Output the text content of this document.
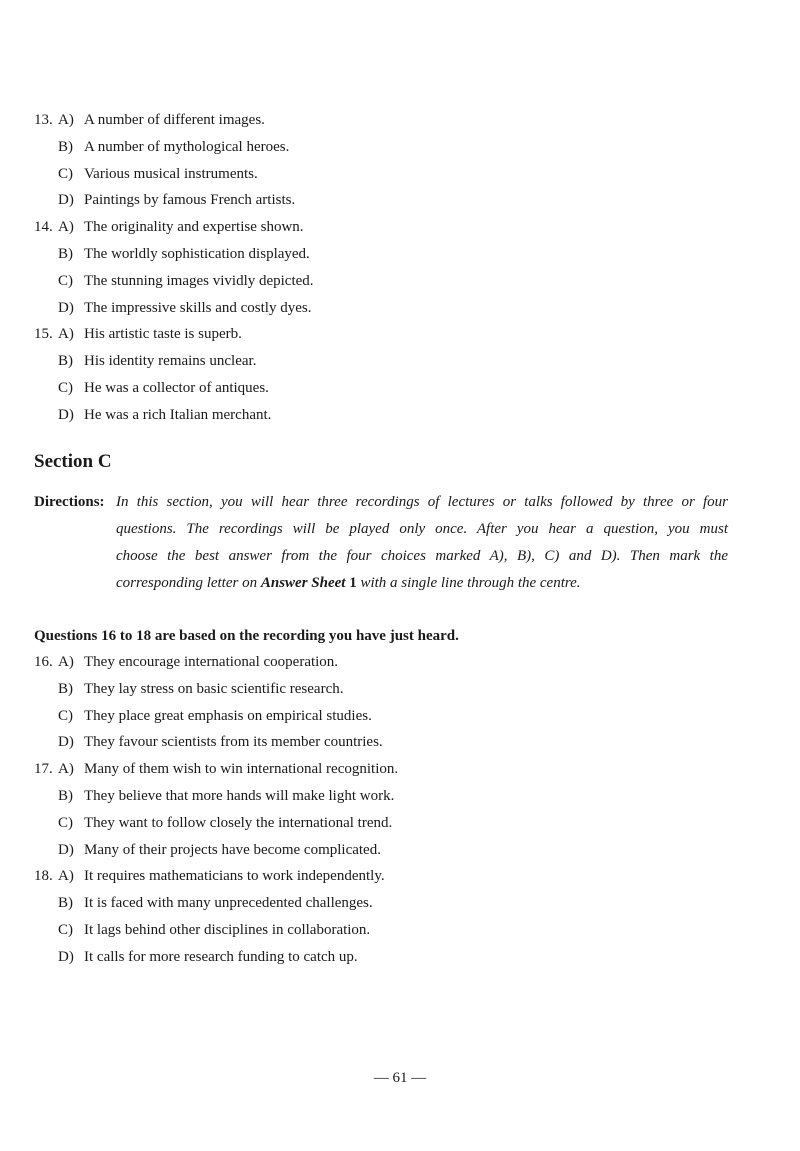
13. A) A number of different images.
B) A number of mythological heroes.
C) Various musical instruments.
D) Paintings by famous French artists.
14. A) The originality and expertise shown.
B) The worldly sophistication displayed.
C) The stunning images vividly depicted.
D) The impressive skills and costly dyes.
15. A) His artistic taste is superb.
B) His identity remains unclear.
C) He was a collector of antiques.
D) He was a rich Italian merchant.
Section C
Directions: In this section, you will hear three recordings of lectures or talks followed by three or four
questions. The recordings will be played only once. After you hear a question, you must
choose the best answer from the four choices marked A), B), C) and D). Then mark the
corresponding letter on Answer Sheet 1 with a single line through the centre.
Questions 16 to 18 are based on the recording you have just heard.
16. A) They encourage international cooperation.
B) They lay stress on basic scientific research.
C) They place great emphasis on empirical studies.
D) They favour scientists from its member countries.
17. A) Many of them wish to win international recognition.
B) They believe that more hands will make light work.
C) They want to follow closely the international trend.
D) Many of their projects have become complicated.
18. A) It requires mathematicians to work independently.
B) It is faced with many unprecedented challenges.
C) It lags behind other disciplines in collaboration.
D) It calls for more research funding to catch up.
— 61 —
